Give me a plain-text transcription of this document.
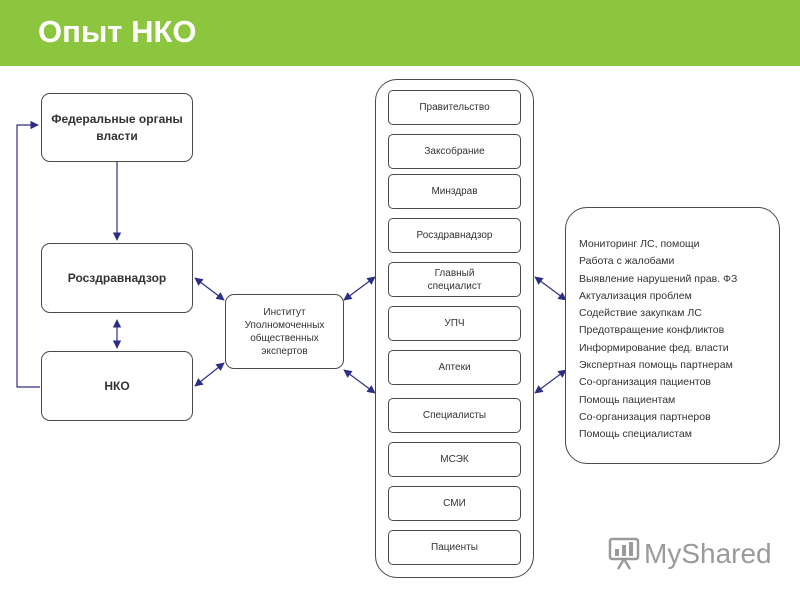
Опыт НКО
Федеральные органы власти
Росздравнадзор
НКО
Институт Уполномоченных общественных экспертов
Правительство
Заксобрание
Минздрав
Росздравнадзор
Главный специалист
УПЧ
Аптеки
Специалисты
МСЭК
СМИ
Пациенты
Мониторинг ЛС, помощи
Работа с жалобами
Выявление нарушений прав. ФЗ
Актуализация проблем
Содействие закупкам ЛС
Предотвращение конфликтов
Информирование фед. власти
Экспертная помощь партнерам
Со-организация пациентов
Помощь пациентам
Со-организация партнеров
Помощь специалистам
MyShared
